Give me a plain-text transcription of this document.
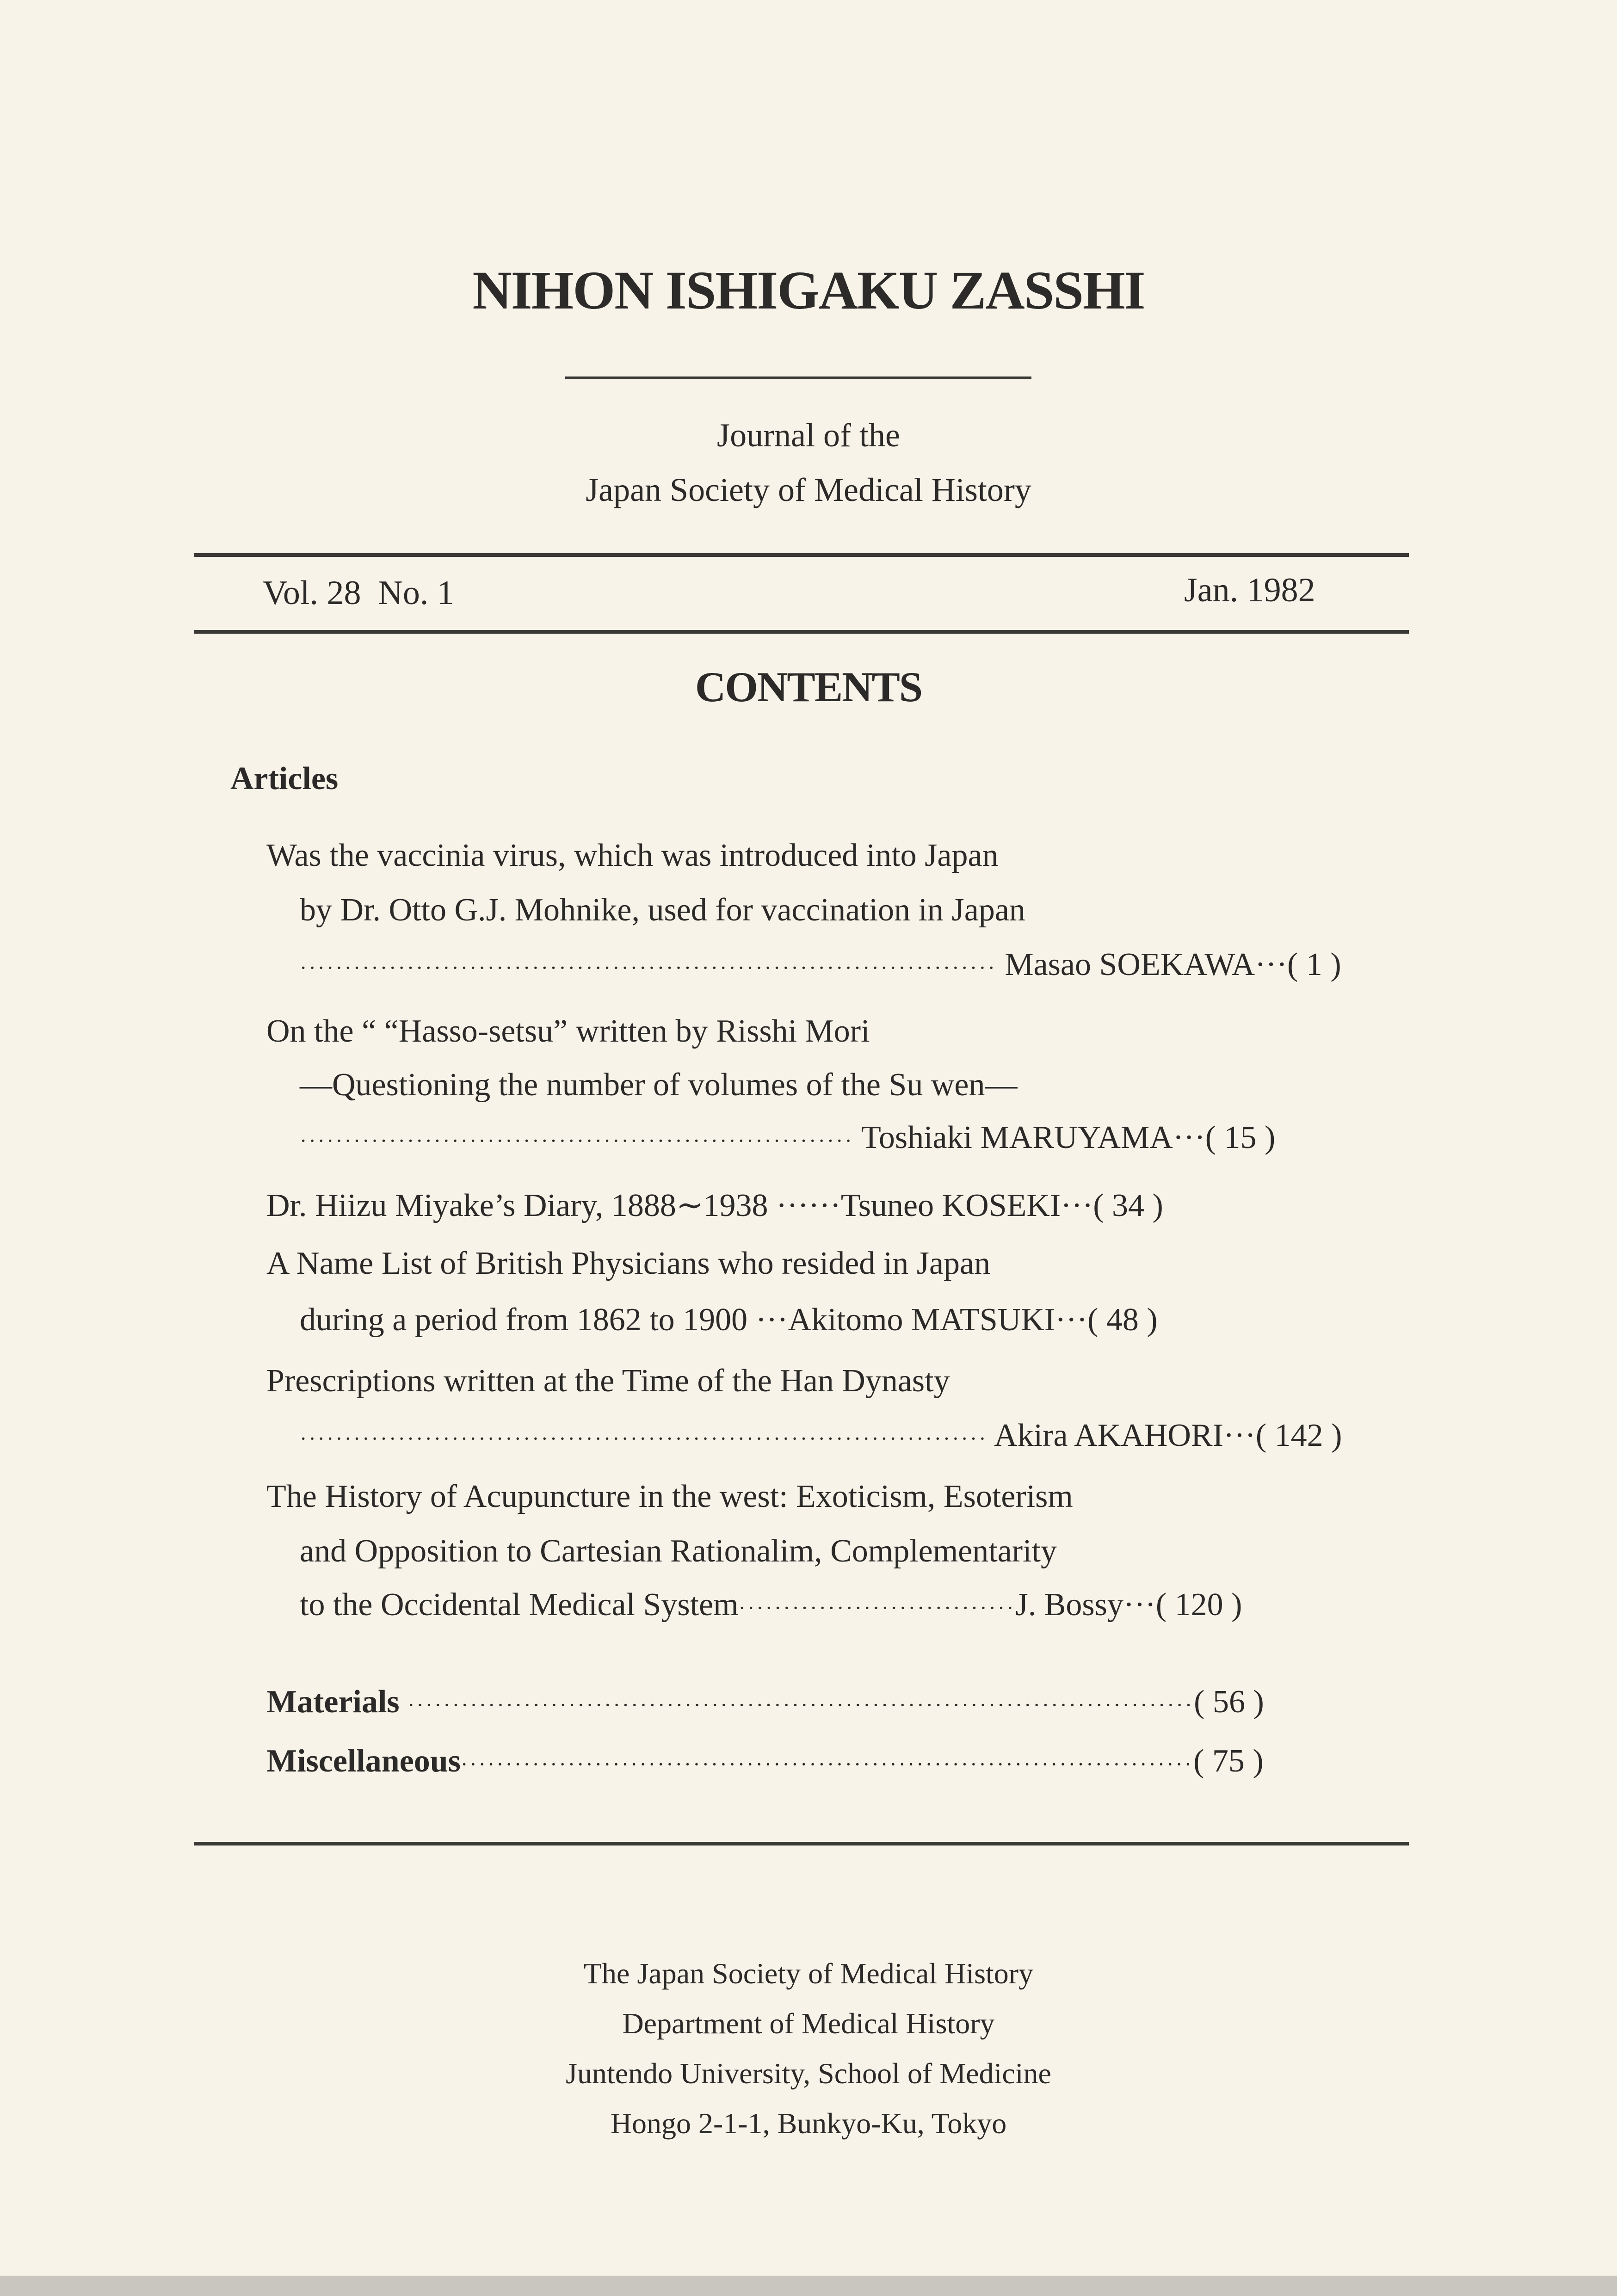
NIHON ISHIGAKU ZASSHI
Journal of the
Japan Society of Medical History
Vol. 28  No. 1	Jan. 1982
CONTENTS
Articles
Was the vaccinia virus, which was introduced into Japan
by Dr. Otto G.J. Mohnike, used for vaccination in Japan
·············································································· Masao SOEKAWA···( 1 )
On the “ “Hasso-setsu” written by Risshi Mori
—Questioning the number of volumes of the Su wen—
······························································ Toshiaki MARUYAMA···( 15 )
Dr. Hiizu Miyake’s Diary, 1888∼1938 ······Tsuneo KOSEKI···( 34 )
A Name List of British Physicians who resided in Japan
during a period from 1862 to 1900 ···Akitomo MATSUKI···( 48 )
Prescriptions written at the Time of the Han Dynasty
············································································· Akira AKAHORI···( 142 )
The History of Acupuncture in the west: Exoticism, Esoterism
and Opposition to Cartesian Rationalim, Complementarity
to the Occidental Medical System·······························J. Bossy···( 120 )
Materials ························································································( 56 )
Miscellaneous··················································································( 75 )
The Japan Society of Medical History
Department of Medical History
Juntendo University, School of Medicine
Hongo 2-1-1, Bunkyo-Ku, Tokyo
